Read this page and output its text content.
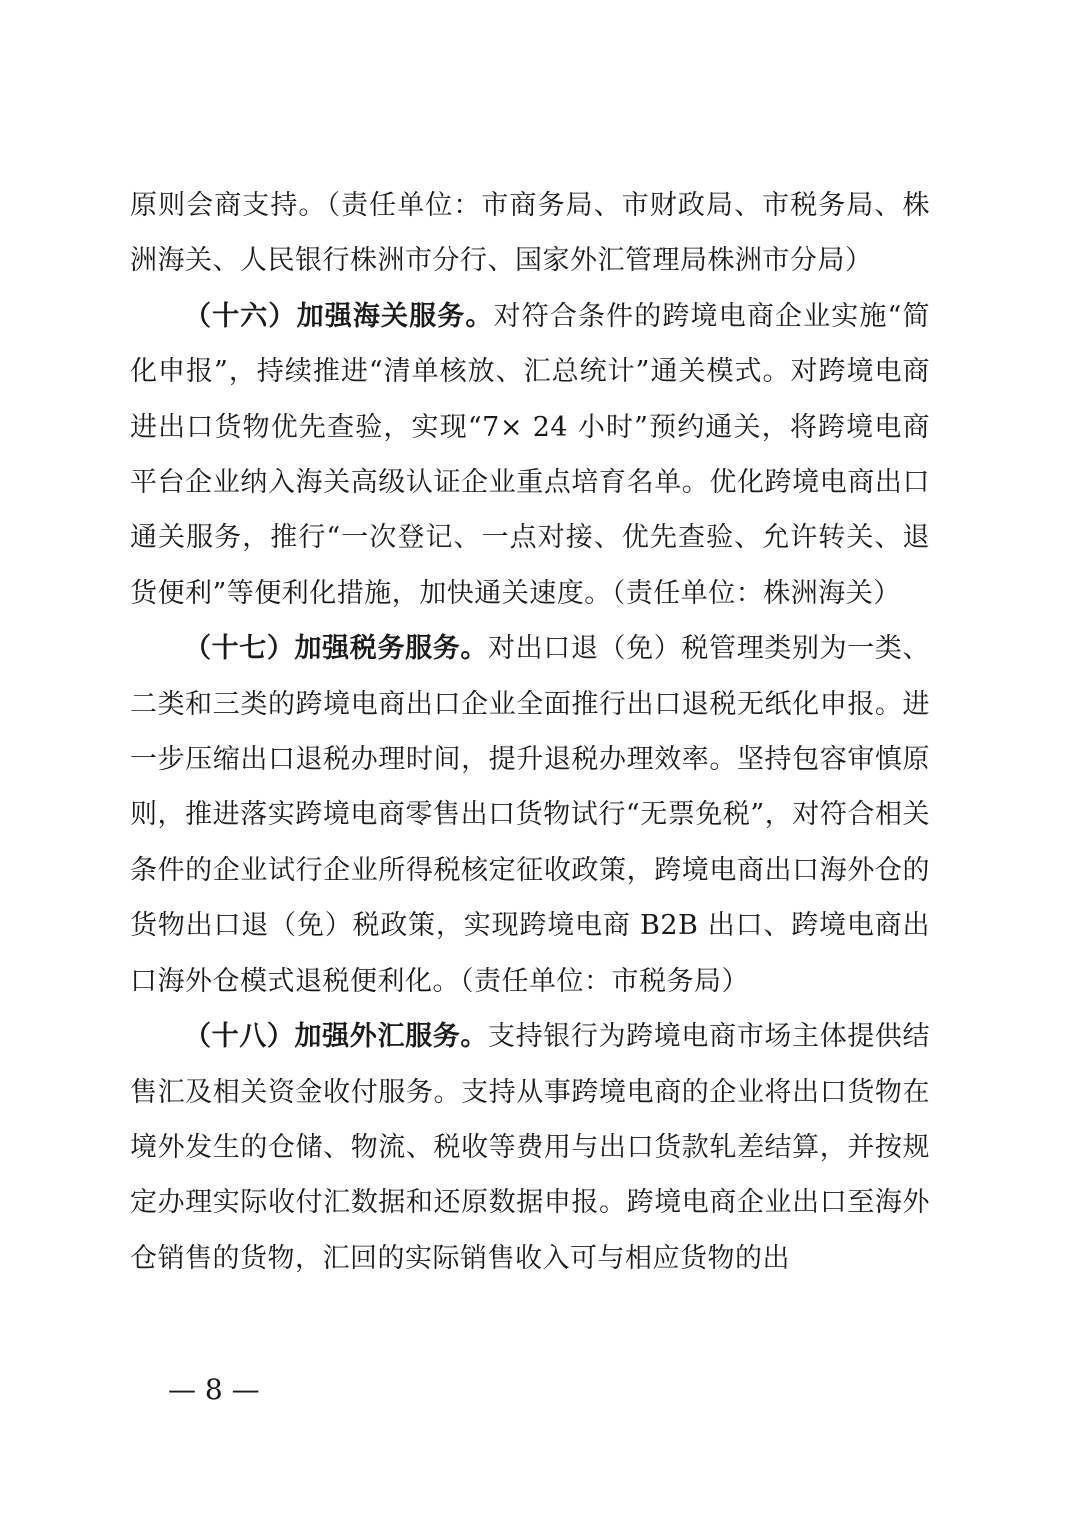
原则会商支持。（责任单位：市商务局、市财政局、市税务局、株洲海关、人民银行株洲市分行、国家外汇管理局株洲市分局）

（十六）加强海关服务。对符合条件的跨境电商企业实施“简化申报”，持续推进“清单核放、汇总统计”通关模式。对跨境电商进出口货物优先查验，实现“7× 24 小时”预约通关，将跨境电商平台企业纳入海关高级认证企业重点培育名单。优化跨境电商出口通关服务，推行“一次登记、一点对接、优先查验、允许转关、退货便利”等便利化措施，加快通关速度。（责任单位：株洲海关）

（十七）加强税务服务。对出口退（免）税管理类别为一类、二类和三类的跨境电商出口企业全面推行出口退税无纸化申报。进一步压缩出口退税办理时间，提升退税办理效率。坚持包容审慎原则，推进落实跨境电商零售出口货物试行“无票免税”，对符合相关条件的企业试行企业所得税核定征收政策，跨境电商出口海外仓的货物出口退（免）税政策，实现跨境电商 B2B 出口、跨境电商出口海外仓模式退税便利化。（责任单位：市税务局）

（十八）加强外汇服务。支持银行为跨境电商市场主体提供结售汇及相关资金收付服务。支持从事跨境电商的企业将出口货物在境外发生的仓储、物流、税收等费用与出口货款轧差结算，并按规定办理实际收付汇数据和还原数据申报。跨境电商企业出口至海外仓销售的货物，汇回的实际销售收入可与相应货物的出

— 8 —
